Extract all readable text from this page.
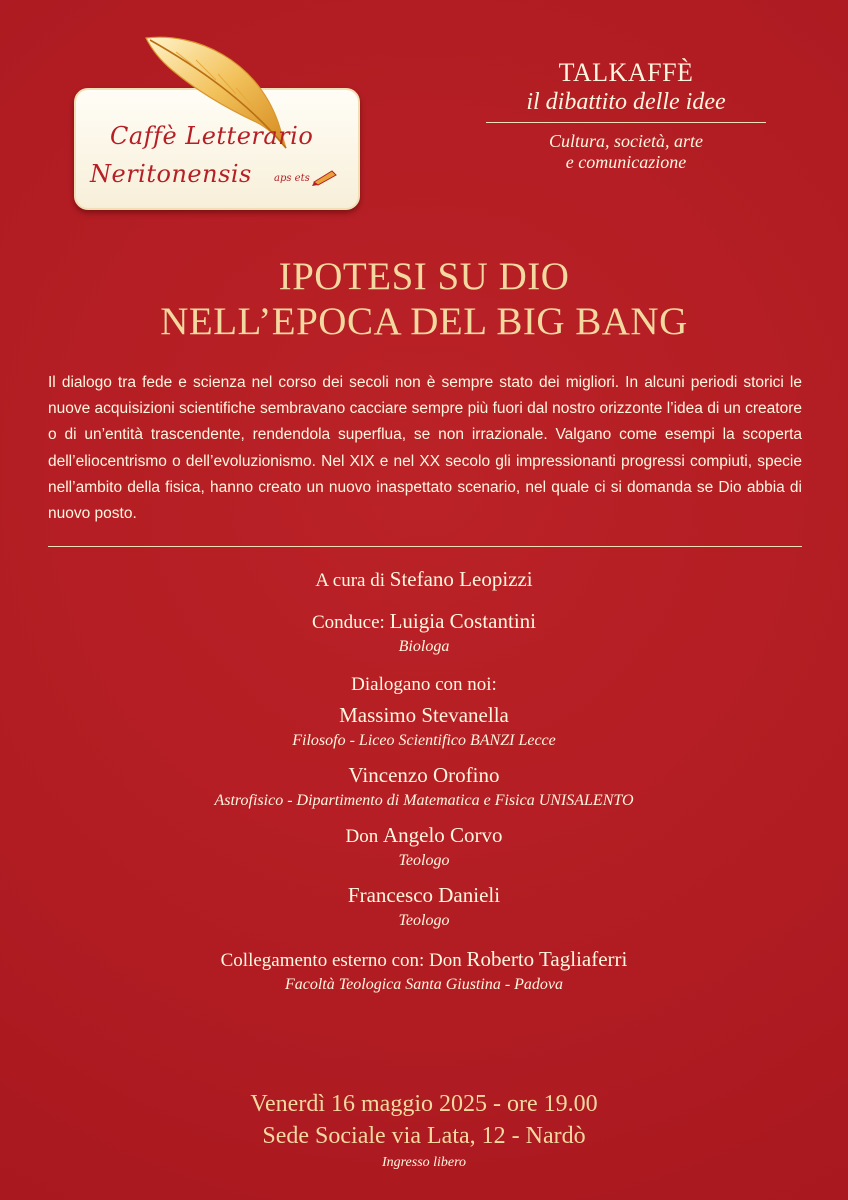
Caffè Letterario
Neritonensis aps ets
TALKAFFÈ
il dibattito delle idee
Cultura, società, arte
e comunicazione
IPOTESI SU DIO
NELL’EPOCA DEL BIG BANG
Il dialogo tra fede e scienza nel corso dei secoli non è sempre stato dei migliori. In alcuni periodi storici le nuove acquisizioni scientifiche sembravano cacciare sempre più fuori dal nostro orizzonte l’idea di un creatore o di un’entità trascendente, rendendola superflua, se non irrazionale. Valgano come esempi la scoperta dell’eliocentrismo o dell’evoluzionismo. Nel XIX e nel XX secolo gli impressionanti progressi compiuti, specie nell’ambito della fisica, hanno creato un nuovo inaspettato scenario, nel quale ci si domanda se Dio abbia di nuovo posto.
A cura di Stefano Leopizzi
Conduce: Luigia Costantini
Biologa
Dialogano con noi:
Massimo Stevanella
Filosofo - Liceo Scientifico BANZI Lecce
Vincenzo Orofino
Astrofisico - Dipartimento di Matematica e Fisica UNISALENTO
Don Angelo Corvo
Teologo
Francesco Danieli
Teologo
Collegamento esterno con: Don Roberto Tagliaferri
Facoltà Teologica Santa Giustina - Padova
Venerdì 16 maggio 2025 - ore 19.00
Sede Sociale via Lata, 12 - Nardò
Ingresso libero
